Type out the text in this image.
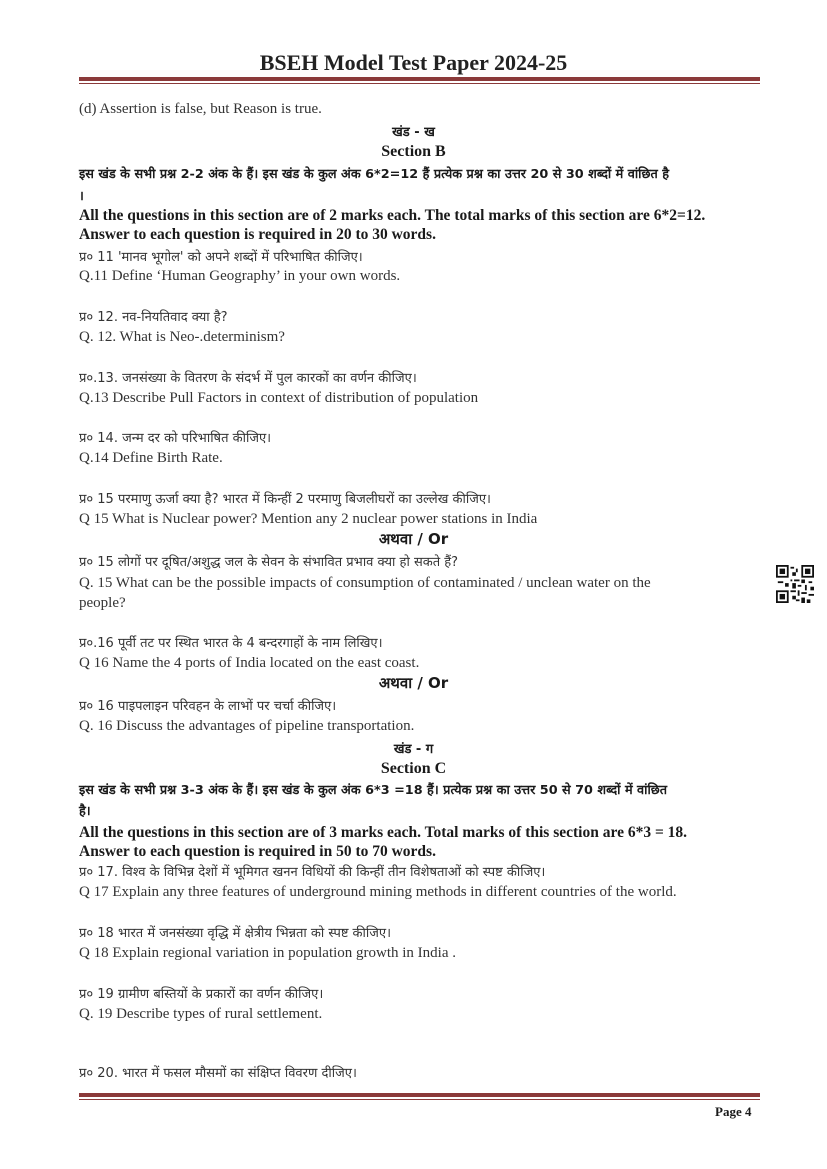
BSEH Model Test Paper 2024-25
(d) Assertion is false, but Reason is true.
खंड - ख
Section B
इस खंड के सभी प्रश्न 2-2 अंक के हैं। इस खंड के कुल अंक 6*2=12 हैं प्रत्येक प्रश्न का उत्तर 20 से 30 शब्दों में वांछित है
।
All the questions in this section are of 2 marks each. The total marks of this section are 6*2=12.
Answer to each question is required in 20 to 30 words.
प्र० 11 'मानव भूगोल' को अपने शब्दों में परिभाषित कीजिए।
Q.11 Define ‘Human Geography’ in your own words.
प्र० 12. नव-नियतिवाद क्या है?
Q. 12. What is Neo-.determinism?
प्र०.13. जनसंख्या के वितरण के संदर्भ में पुल कारकों का वर्णन कीजिए।
Q.13 Describe Pull Factors in context of distribution of population
प्र० 14. जन्म दर को परिभाषित कीजिए।
Q.14 Define Birth Rate.
प्र० 15 परमाणु ऊर्जा क्या है? भारत में किन्हीं 2 परमाणु बिजलीघरों का उल्लेख कीजिए।
Q 15 What is Nuclear power? Mention any 2 nuclear power stations in India
अथवा / Or
प्र० 15 लोगों पर दूषित/अशुद्ध जल के सेवन के संभावित प्रभाव क्या हो सकते हैं?
Q. 15 What can be the possible impacts of consumption of contaminated / unclean water on the
people?
प्र०.16 पूर्वी तट पर स्थित भारत के 4 बन्दरगाहों के नाम लिखिए।
Q 16 Name the 4 ports of India located on the east coast.
अथवा / Or
प्र० 16 पाइपलाइन परिवहन के लाभों पर चर्चा कीजिए।
Q. 16 Discuss the advantages of pipeline transportation.
खंड - ग
Section C
इस खंड के सभी प्रश्न 3-3 अंक के हैं। इस खंड के कुल अंक 6*3 =18 हैं। प्रत्येक प्रश्न का उत्तर 50 से 70 शब्दों में वांछित
है।
All the questions in this section are of 3 marks each. Total marks of this section are 6*3 = 18.
Answer to each question is required in 50 to 70 words.
प्र० 17. विश्व के विभिन्न देशों में भूमिगत खनन विधियों की किन्हीं तीन विशेषताओं को स्पष्ट कीजिए।
Q 17 Explain any three features of underground mining methods in different countries of the world.
प्र० 18 भारत में जनसंख्या वृद्धि में क्षेत्रीय भिन्नता को स्पष्ट कीजिए।
Q 18 Explain regional variation in population growth in India .
प्र० 19 ग्रामीण बस्तियों के प्रकारों का वर्णन कीजिए।
Q. 19 Describe types of rural settlement.
प्र० 20. भारत में फसल मौसमों का संक्षिप्त विवरण दीजिए।
Page 4
